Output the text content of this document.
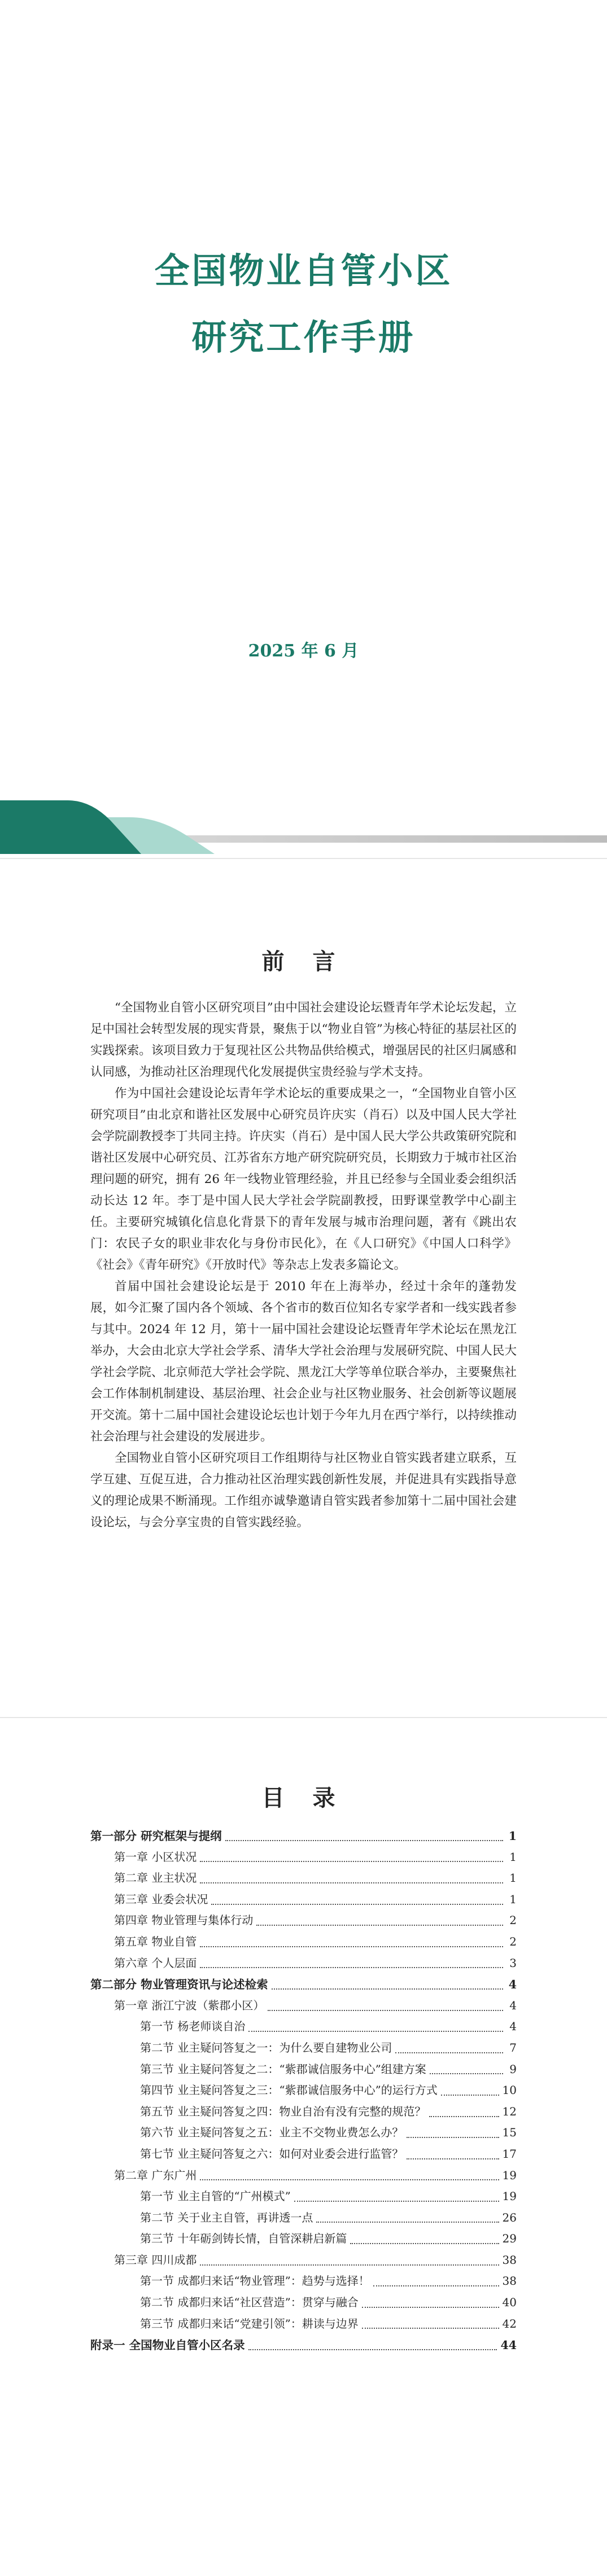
全国物业自管小区
研究工作手册
2025 年 6 月
前 言

“全国物业自管小区研究项目”由中国社会建设论坛暨青年学术论坛发起，立足中国社会转型发展的现实背景，聚焦于以“物业自管”为核心特征的基层社区的实践探索。该项目致力于复现社区公共物品供给模式，增强居民的社区归属感和认同感，为推动社区治理现代化发展提供宝贵经验与学术支持。

作为中国社会建设论坛青年学术论坛的重要成果之一，“全国物业自管小区研究项目”由北京和谐社区发展中心研究员许庆实（肖石）以及中国人民大学社会学院副教授李丁共同主持。许庆实（肖石）是中国人民大学公共政策研究院和谐社区发展中心研究员、江苏省东方地产研究院研究员，长期致力于城市社区治理问题的研究，拥有 26 年一线物业管理经验，并且已经参与全国业委会组织活动长达 12 年。李丁是中国人民大学社会学院副教授，田野课堂教学中心副主任。主要研究城镇化信息化背景下的青年发展与城市治理问题，著有《跳出农门：农民子女的职业非农化与身份市民化》，在《人口研究》《中国人口科学》《社会》《青年研究》《开放时代》等杂志上发表多篇论文。

首届中国社会建设论坛是于 2010 年在上海举办，经过十余年的蓬勃发展，如今汇聚了国内各个领域、各个省市的数百位知名专家学者和一线实践者参与其中。2024 年 12 月，第十一届中国社会建设论坛暨青年学术论坛在黑龙江举办，大会由北京大学社会学系、清华大学社会治理与发展研究院、中国人民大学社会学院、北京师范大学社会学院、黑龙江大学等单位联合举办，主要聚焦社会工作体制机制建设、基层治理、社会企业与社区物业服务、社会创新等议题展开交流。第十二届中国社会建设论坛也计划于今年九月在西宁举行，以持续推动社会治理与社会建设的发展进步。

全国物业自管小区研究项目工作组期待与社区物业自管实践者建立联系，互学互建、互促互进，合力推动社区治理实践创新性发展，并促进具有实践指导意义的理论成果不断涌现。工作组亦诚挚邀请自管实践者参加第十二届中国社会建设论坛，与会分享宝贵的自管实践经验。

目 录
第一部分 研究框架与提纲	1
第一章 小区状况	1
第二章 业主状况	1
第三章 业委会状况	1
第四章 物业管理与集体行动	2
第五章 物业自管	2
第六章 个人层面	3
第二部分 物业管理资讯与论述检索	4
第一章 浙江宁波（紫郡小区）	4
第一节 杨老师谈自治	4
第二节 业主疑问答复之一：为什么要自建物业公司	7
第三节 业主疑问答复之二：“紫郡诚信服务中心”组建方案	9
第四节 业主疑问答复之三：“紫郡诚信服务中心”的运行方式	10
第五节 业主疑问答复之四：物业自治有没有完整的规范？	12
第六节 业主疑问答复之五：业主不交物业费怎么办？	15
第七节 业主疑问答复之六：如何对业委会进行监管？	17
第二章 广东广州	19
第一节 业主自管的“广州模式”	19
第二节 关于业主自管，再讲透一点	26
第三节 十年砺剑铸长情，自管深耕启新篇	29
第三章 四川成都	38
第一节 成都归来话“物业管理”：趋势与选择！	38
第二节 成都归来话“社区营造”：贯穿与融合	40
第三节 成都归来话“党建引领”：耕读与边界	42
附录一 全国物业自管小区名录	44
